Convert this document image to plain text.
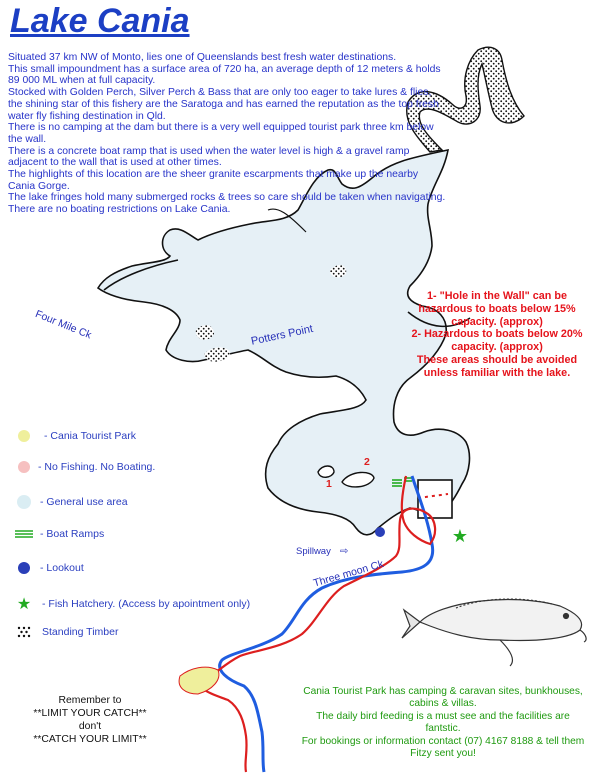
★
⇨
Lake Cania

Situated 37 km NW of Monto, lies one of Queenslands best fresh water destinations.

This small impoundment has a surface area of 720 ha, an average depth of 12 meters & holds 89 000 ML when at full capacity.

Stocked with Golden Perch, Silver Perch & Bass that are only too eager to take lures & flies, the shining star of this fishery are the Saratoga and has earned the reputation as the top fresh water fly fishing destination in Qld.

There is no camping at the dam but there is a very well equipped tourist park three km below the wall.

There is a concrete boat ramp that is used when the water level is high & a gravel ramp adjacent to the wall that is used at other times.

The highlights of this location are the sheer granite escarpments that make up the nearby Cania Gorge.

The lake fringes hold many submerged rocks & trees so care should be taken when navigating. There are no boating restrictions on Lake Cania.

1- "Hole in the Wall" can be hazardous to boats below 15% capacity. (approx)

2- Hazardous to boats below 20% capacity. (approx)

These areas should be avoided unless familiar with the lake.

Four Mile Ck	Potters Point
Spillway
Three moon Ck
1
2
- Cania Tourist Park
- No Fishing. No Boating.
- General use area
- Boat Ramps
- Lookout
★	- Fish Hatchery. (Access by apointment only)
Standing Timber
Remember to
**LIMIT YOUR CATCH**
don't
**CATCH YOUR LIMIT**

Cania Tourist Park has camping & caravan sites, bunkhouses, cabins & villas.

The daily bird feeding is a must see and the facilities are fantstic.

For bookings or information contact (07) 4167 8188 & tell them Fitzy sent you!
